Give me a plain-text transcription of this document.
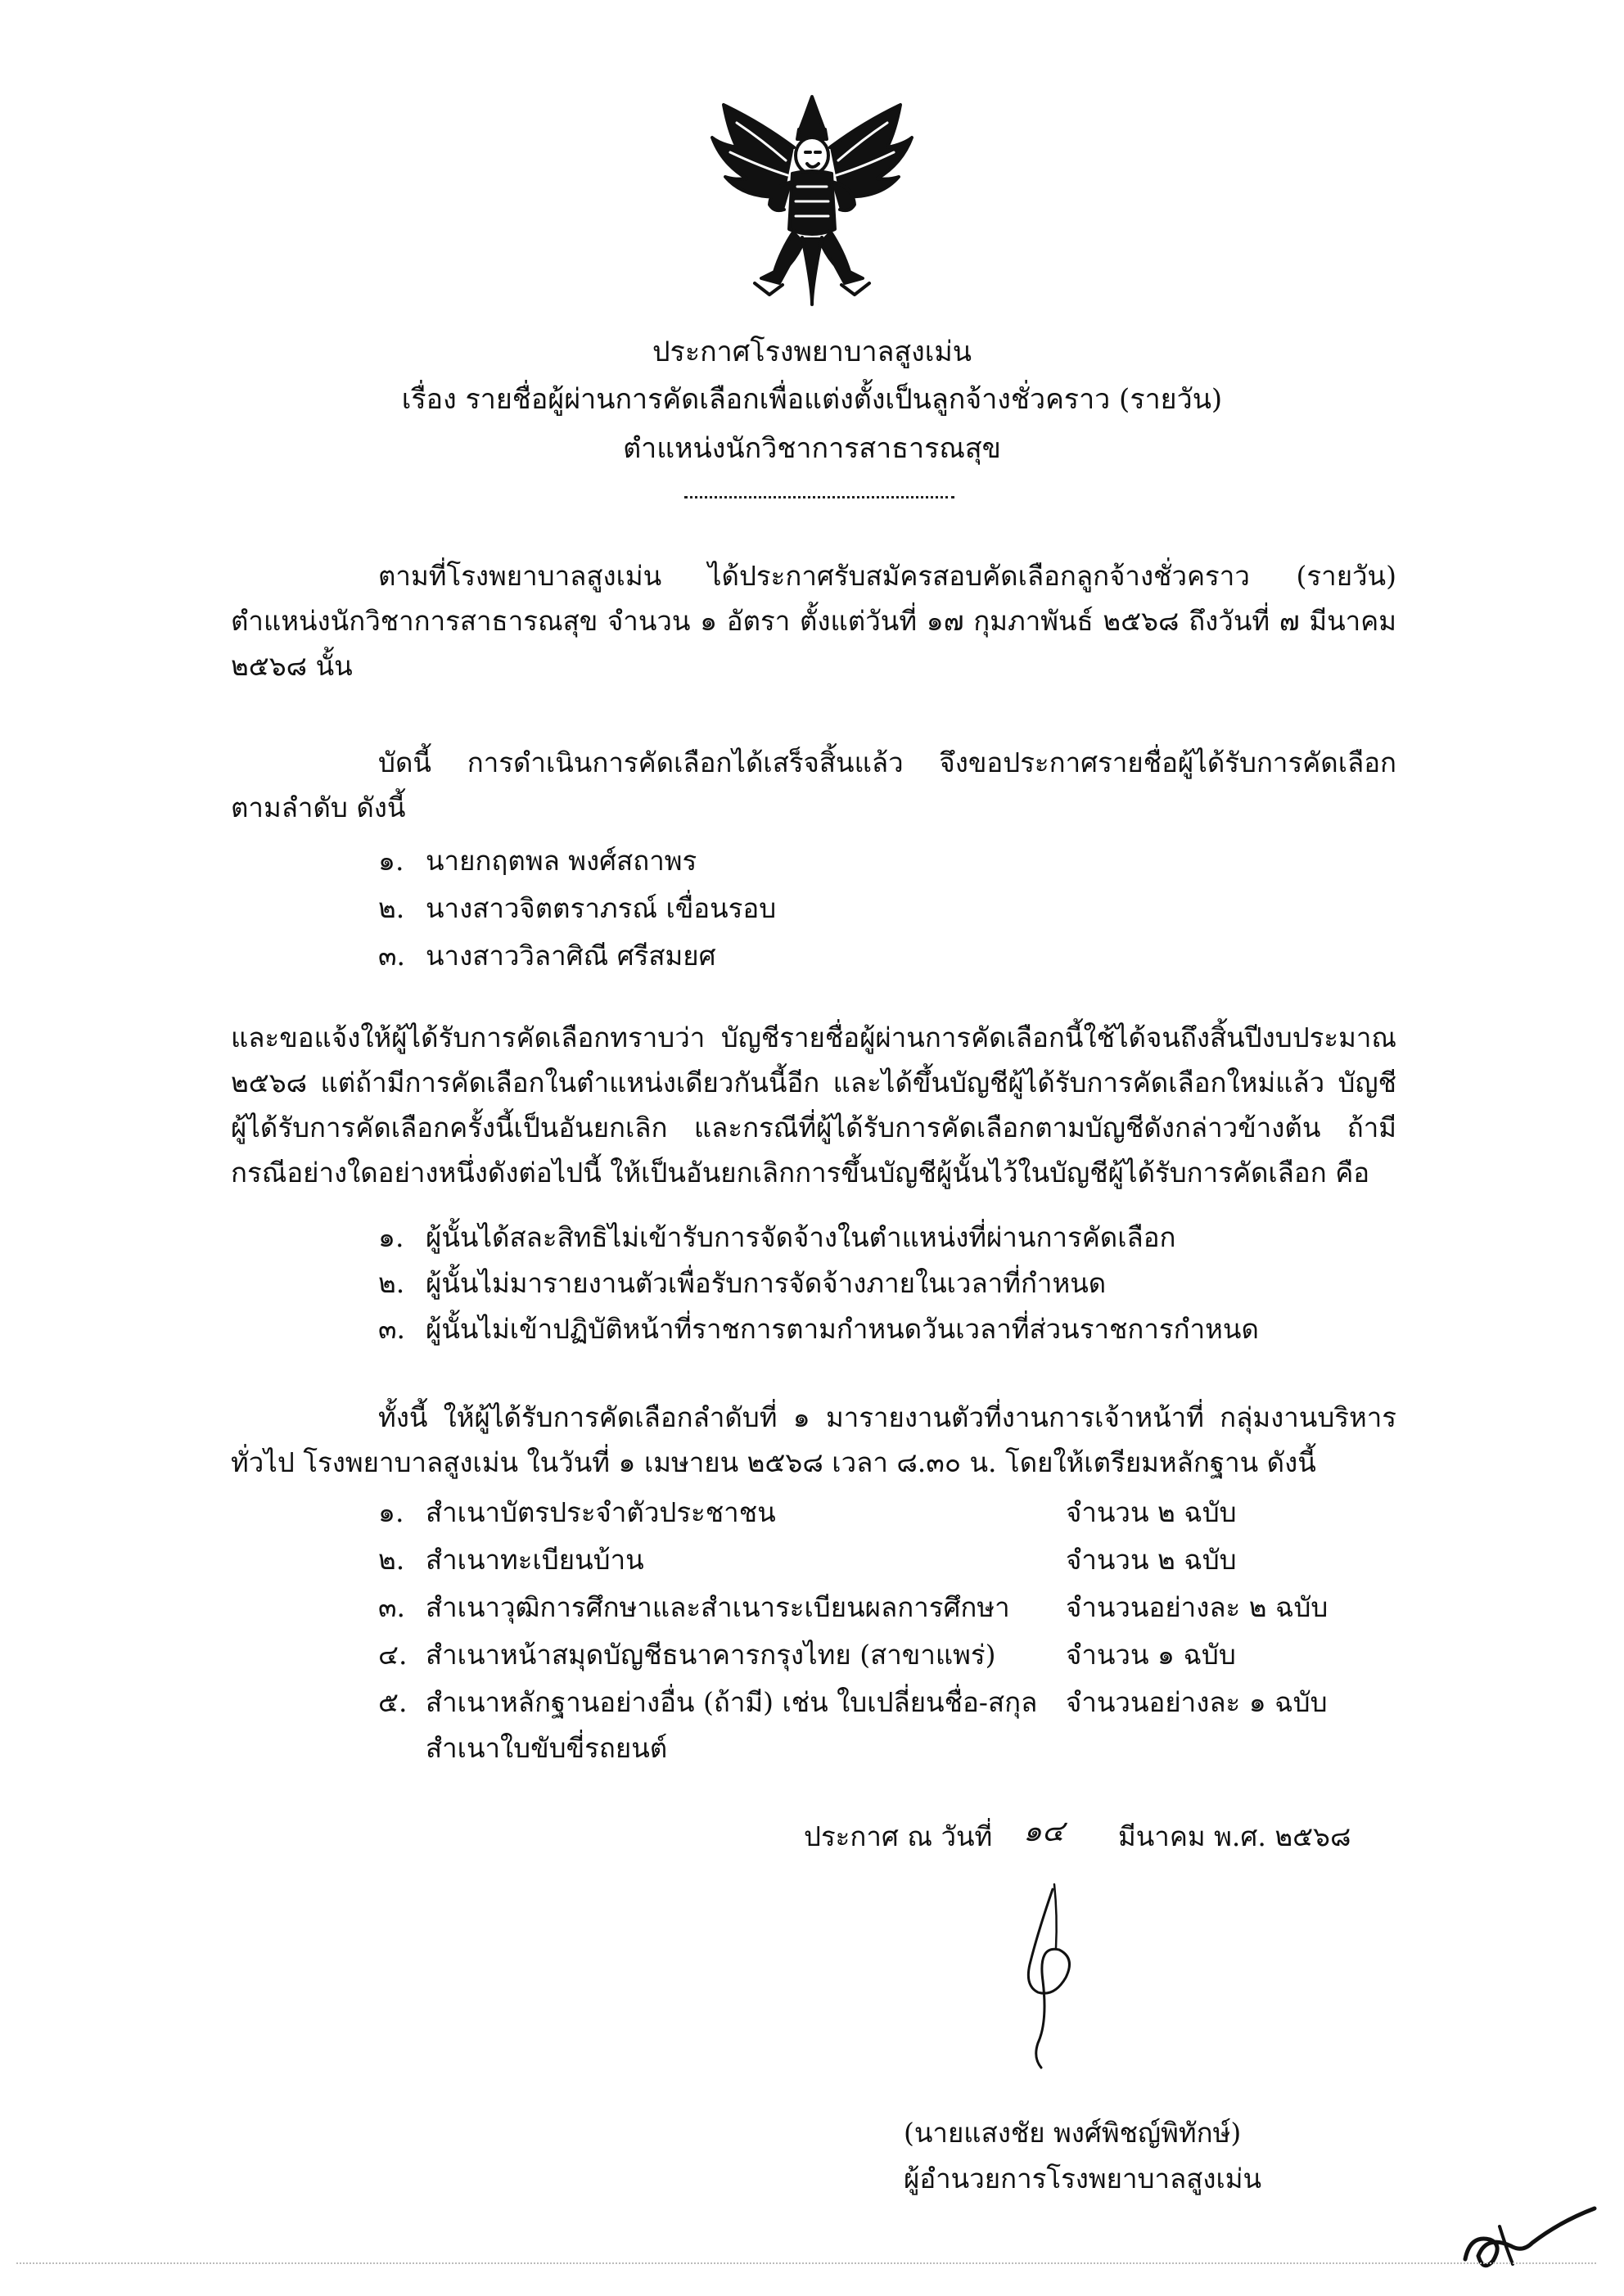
ประกาศโรงพยาบาลสูงเม่น
เรื่อง รายชื่อผู้ผ่านการคัดเลือกเพื่อแต่งตั้งเป็นลูกจ้างชั่วคราว (รายวัน)
ตำแหน่งนักวิชาการสาธารณสุข
ตามที่โรงพยาบาลสูงเม่น ได้ประกาศรับสมัครสอบคัดเลือกลูกจ้างชั่วคราว (รายวัน) ตำแหน่งนักวิชาการสาธารณสุข จำนวน ๑ อัตรา ตั้งแต่วันที่ ๑๗ กุมภาพันธ์ ๒๕๖๘ ถึงวันที่ ๗ มีนาคม ๒๕๖๘ นั้น
บัดนี้ การดำเนินการคัดเลือกได้เสร็จสิ้นแล้ว จึงขอประกาศรายชื่อผู้ได้รับการคัดเลือก ตามลำดับ ดังนี้
๑. นายกฤตพล พงศ์สถาพร
๒. นางสาวจิตตราภรณ์ เขื่อนรอบ
๓. นางสาววิลาศิณี ศรีสมยศ
และขอแจ้งให้ผู้ได้รับการคัดเลือกทราบว่า บัญชีรายชื่อผู้ผ่านการคัดเลือกนี้ใช้ได้จนถึงสิ้นปีงบประมาณ ๒๕๖๘ แต่ถ้ามีการคัดเลือกในตำแหน่งเดียวกันนี้อีก และได้ขึ้นบัญชีผู้ได้รับการคัดเลือกใหม่แล้ว บัญชีผู้ได้รับการคัดเลือกครั้งนี้เป็นอันยกเลิก และกรณีที่ผู้ได้รับการคัดเลือกตามบัญชีดังกล่าวข้างต้น ถ้ามี กรณีอย่างใดอย่างหนึ่งดังต่อไปนี้ ให้เป็นอันยกเลิกการขึ้นบัญชีผู้นั้นไว้ในบัญชีผู้ได้รับการคัดเลือก คือ
๑. ผู้นั้นได้สละสิทธิไม่เข้ารับการจัดจ้างในตำแหน่งที่ผ่านการคัดเลือก
๒. ผู้นั้นไม่มารายงานตัวเพื่อรับการจัดจ้างภายในเวลาที่กำหนด
๓. ผู้นั้นไม่เข้าปฏิบัติหน้าที่ราชการตามกำหนดวันเวลาที่ส่วนราชการกำหนด
ทั้งนี้ ให้ผู้ได้รับการคัดเลือกลำดับที่ ๑ มารายงานตัวที่งานการเจ้าหน้าที่ กลุ่มงานบริหาร ทั่วไป โรงพยาบาลสูงเม่น ในวันที่ ๑ เมษายน ๒๕๖๘ เวลา ๘.๓๐ น. โดยให้เตรียมหลักฐาน ดังนี้
๑. สำเนาบัตรประจำตัวประชาชน	จำนวน ๒ ฉบับ
๒. สำเนาทะเบียนบ้าน	จำนวน ๒ ฉบับ
๓. สำเนาวุฒิการศึกษาและสำเนาระเบียนผลการศึกษา จำนวนอย่างละ ๒ ฉบับ
๔. สำเนาหน้าสมุดบัญชีธนาคารกรุงไทย (สาขาแพร่)	จำนวน ๑ ฉบับ
๕. สำเนาหลักฐานอย่างอื่น (ถ้ามี) เช่น ใบเปลี่ยนชื่อ-สกุล จำนวนอย่างละ ๑ ฉบับ
สำเนาใบขับขี่รถยนต์
ประกาศ ณ วันที่ ๑๔ มีนาคม พ.ศ. ๒๕๖๘
(นายแสงชัย พงศ์พิชญ์พิทักษ์)
ผู้อำนวยการโรงพยาบาลสูงเม่น
